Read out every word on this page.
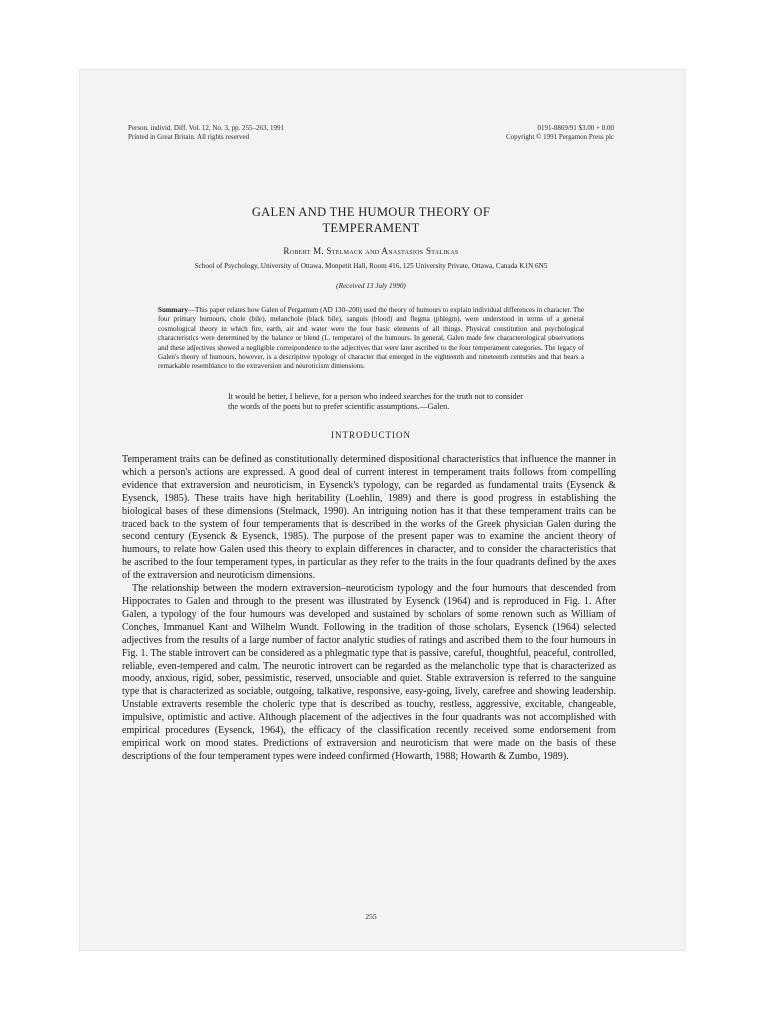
Person. individ. Diff. Vol. 12, No. 3, pp. 255–263, 1991
Printed in Great Britain. All rights reserved
0191-8869/91 $3.00 + 0.00
Copyright © 1991 Pergamon Press plc
GALEN AND THE HUMOUR THEORY OF
TEMPERAMENT
Robert M. Stelmack and Anastasios Stalikas
School of Psychology, University of Ottawa, Monpetit Hall, Room 416, 125 University Private, Ottawa, Canada K1N 6N5
(Received 13 July 1990)
Summary—This paper relates how Galen of Pergamum (AD 130–200) used the theory of humours to explain individual differences in character. The four primary humours, chole (bile), melanchole (black bile), sanguis (blood) and flegma (phlegm), were understood in terms of a general cosmological theory in which fire, earth, air and water were the four basic elements of all things. Physical constitution and psychological characteristics were determined by the balance or blend (L. temperare) of the humours. In general, Galen made few characterological observations and these adjectives showed a negligible correspondence to the adjectives that were later ascribed to the four temperament categories. The legacy of Galen's theory of humours, however, is a descriptive typology of character that emerged in the eighteenth and nineteenth centuries and that bears a remarkable resemblance to the extraversion and neuroticism dimensions.
It would be better, I believe, for a person who indeed searches for the truth not to consider the words of the poets but to prefer scientific assumptions.—Galen.
INTRODUCTION

Temperament traits can be defined as constitutionally determined dispositional characteristics that influence the manner in which a person's actions are expressed. A good deal of current interest in temperament traits follows from compelling evidence that extraversion and neuroticism, in Eysenck's typology, can be regarded as fundamental traits (Eysenck & Eysenck, 1985). These traits have high heritability (Loehlin, 1989) and there is good progress in establishing the biological bases of these dimensions (Stelmack, 1990). An intriguing notion has it that these temperament traits can be traced back to the system of four temperaments that is described in the works of the Greek physician Galen during the second century (Eysenck & Eysenck, 1985). The purpose of the present paper was to examine the ancient theory of humours, to relate how Galen used this theory to explain differences in character, and to consider the characteristics that he ascribed to the four temperament types, in particular as they refer to the traits in the four quadrants defined by the axes of the extraversion and neuroticism dimensions.

The relationship between the modern extraversion–neuroticism typology and the four humours that descended from Hippocrates to Galen and through to the present was illustrated by Eysenck (1964) and is reproduced in Fig. 1. After Galen, a typology of the four humours was developed and sustained by scholars of some renown such as William of Conches, Immanuel Kant and Wilhelm Wundt. Following in the tradition of those scholars, Eysenck (1964) selected adjectives from the results of a large number of factor analytic studies of ratings and ascribed them to the four humours in Fig. 1. The stable introvert can be considered as a phlegmatic type that is passive, careful, thoughtful, peaceful, controlled, reliable, even-tempered and calm. The neurotic introvert can be regarded as the melancholic type that is characterized as moody, anxious, rigid, sober, pessimistic, reserved, unsociable and quiet. Stable extraversion is referred to the sanguine type that is characterized as sociable, outgoing, talkative, responsive, easy-going, lively, carefree and showing leadership. Unstable extraverts resemble the choleric type that is described as touchy, restless, aggressive, excitable, changeable, impulsive, optimistic and active. Although placement of the adjectives in the four quadrants was not accomplished with empirical procedures (Eysenck, 1964), the efficacy of the classification recently received some endorsement from empirical work on mood states. Predictions of extraversion and neuroticism that were made on the basis of these descriptions of the four temperament types were indeed confirmed (Howarth, 1988; Howarth & Zumbo, 1989).

255
